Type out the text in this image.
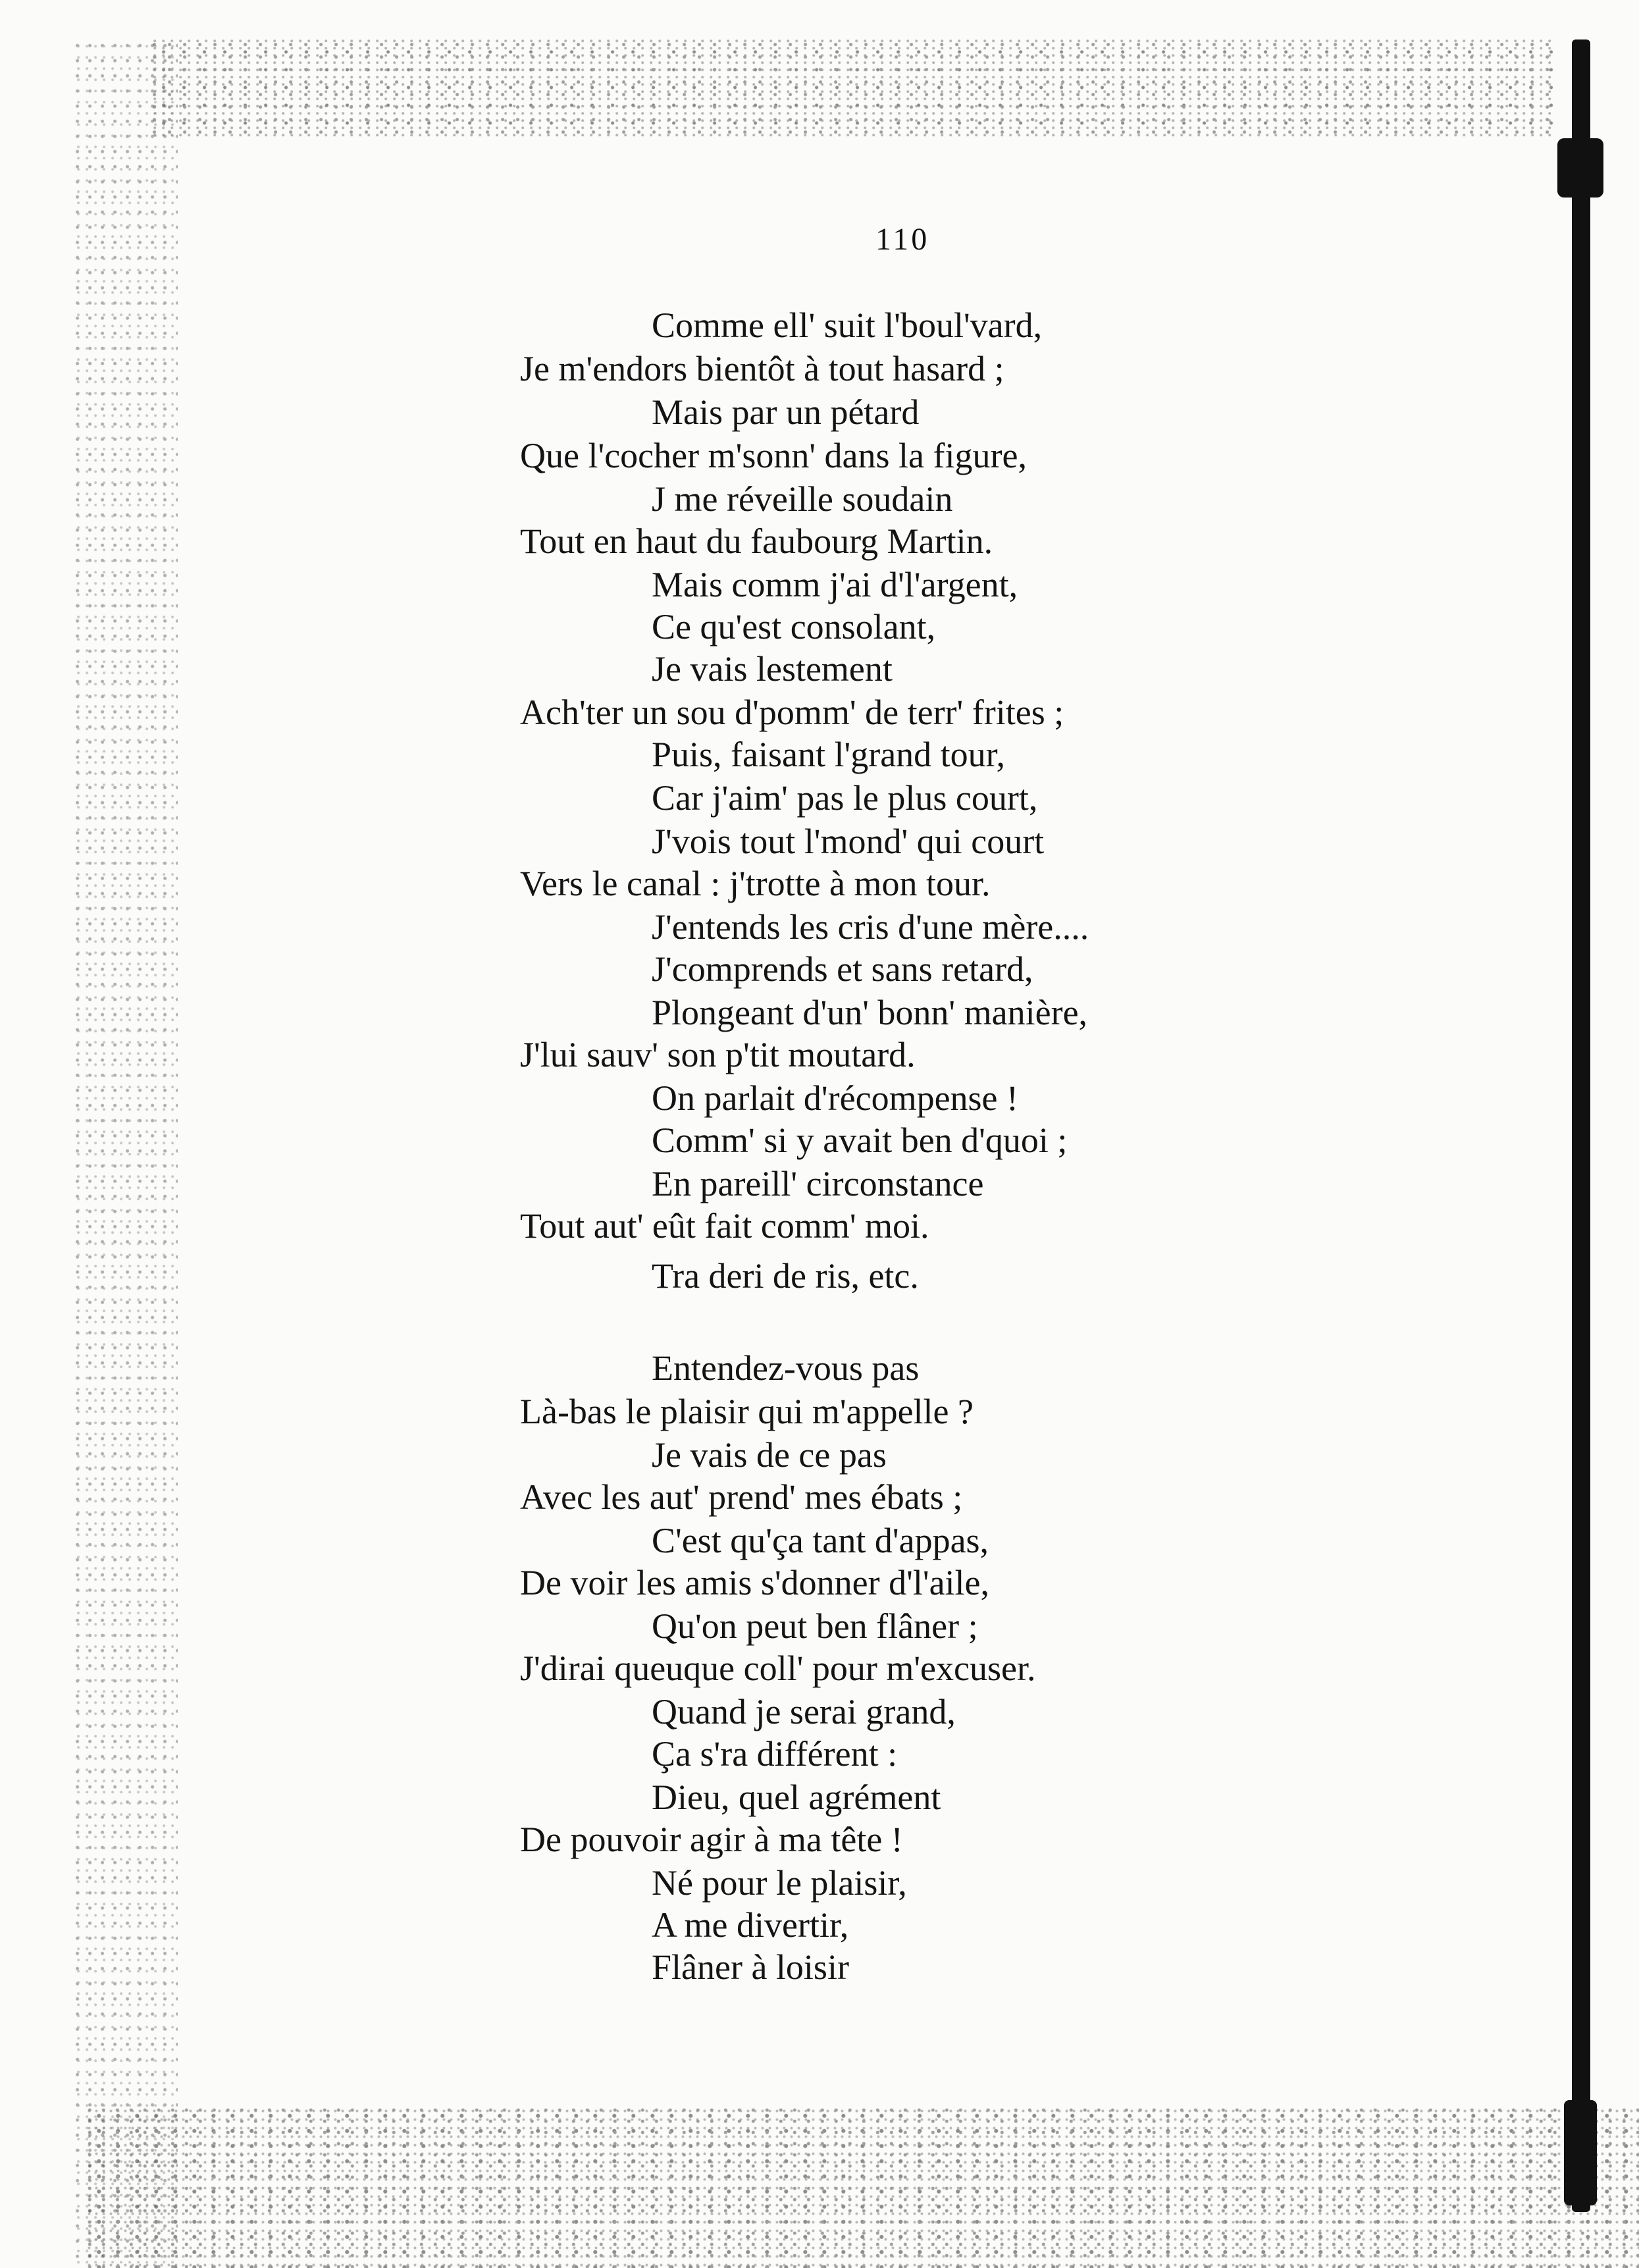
110
Comme ell' suit l'boul'vard,
Je m'endors bientôt à tout hasard ;
Mais par un pétard
Que l'cocher m'sonn' dans la figure,
J me réveille soudain
Tout en haut du faubourg Martin.
Mais comm j'ai d'l'argent,
Ce qu'est consolant,
Je vais lestement
Ach'ter un sou d'pomm' de terr' frites ;
Puis, faisant l'grand tour,
Car j'aim' pas le plus court,
J'vois tout l'mond' qui court
Vers le canal : j'trotte à mon tour.
J'entends les cris d'une mère....
J'comprends et sans retard,
Plongeant d'un' bonn' manière,
J'lui sauv' son p'tit moutard.
On parlait d'récompense !
Comm' si y avait ben d'quoi ;
En pareill' circonstance
Tout aut' eût fait comm' moi.
Tra deri de ris, etc.
Entendez-vous pas
Là-bas le plaisir qui m'appelle ?
Je vais de ce pas
Avec les aut' prend' mes ébats ;
C'est qu'ça tant d'appas,
De voir les amis s'donner d'l'aile,
Qu'on peut ben flâner ;
J'dirai queuque coll' pour m'excuser.
Quand je serai grand,
Ça s'ra différent :
Dieu, quel agrément
De pouvoir agir à ma tête !
Né pour le plaisir,
A me divertir,
Flâner à loisir
